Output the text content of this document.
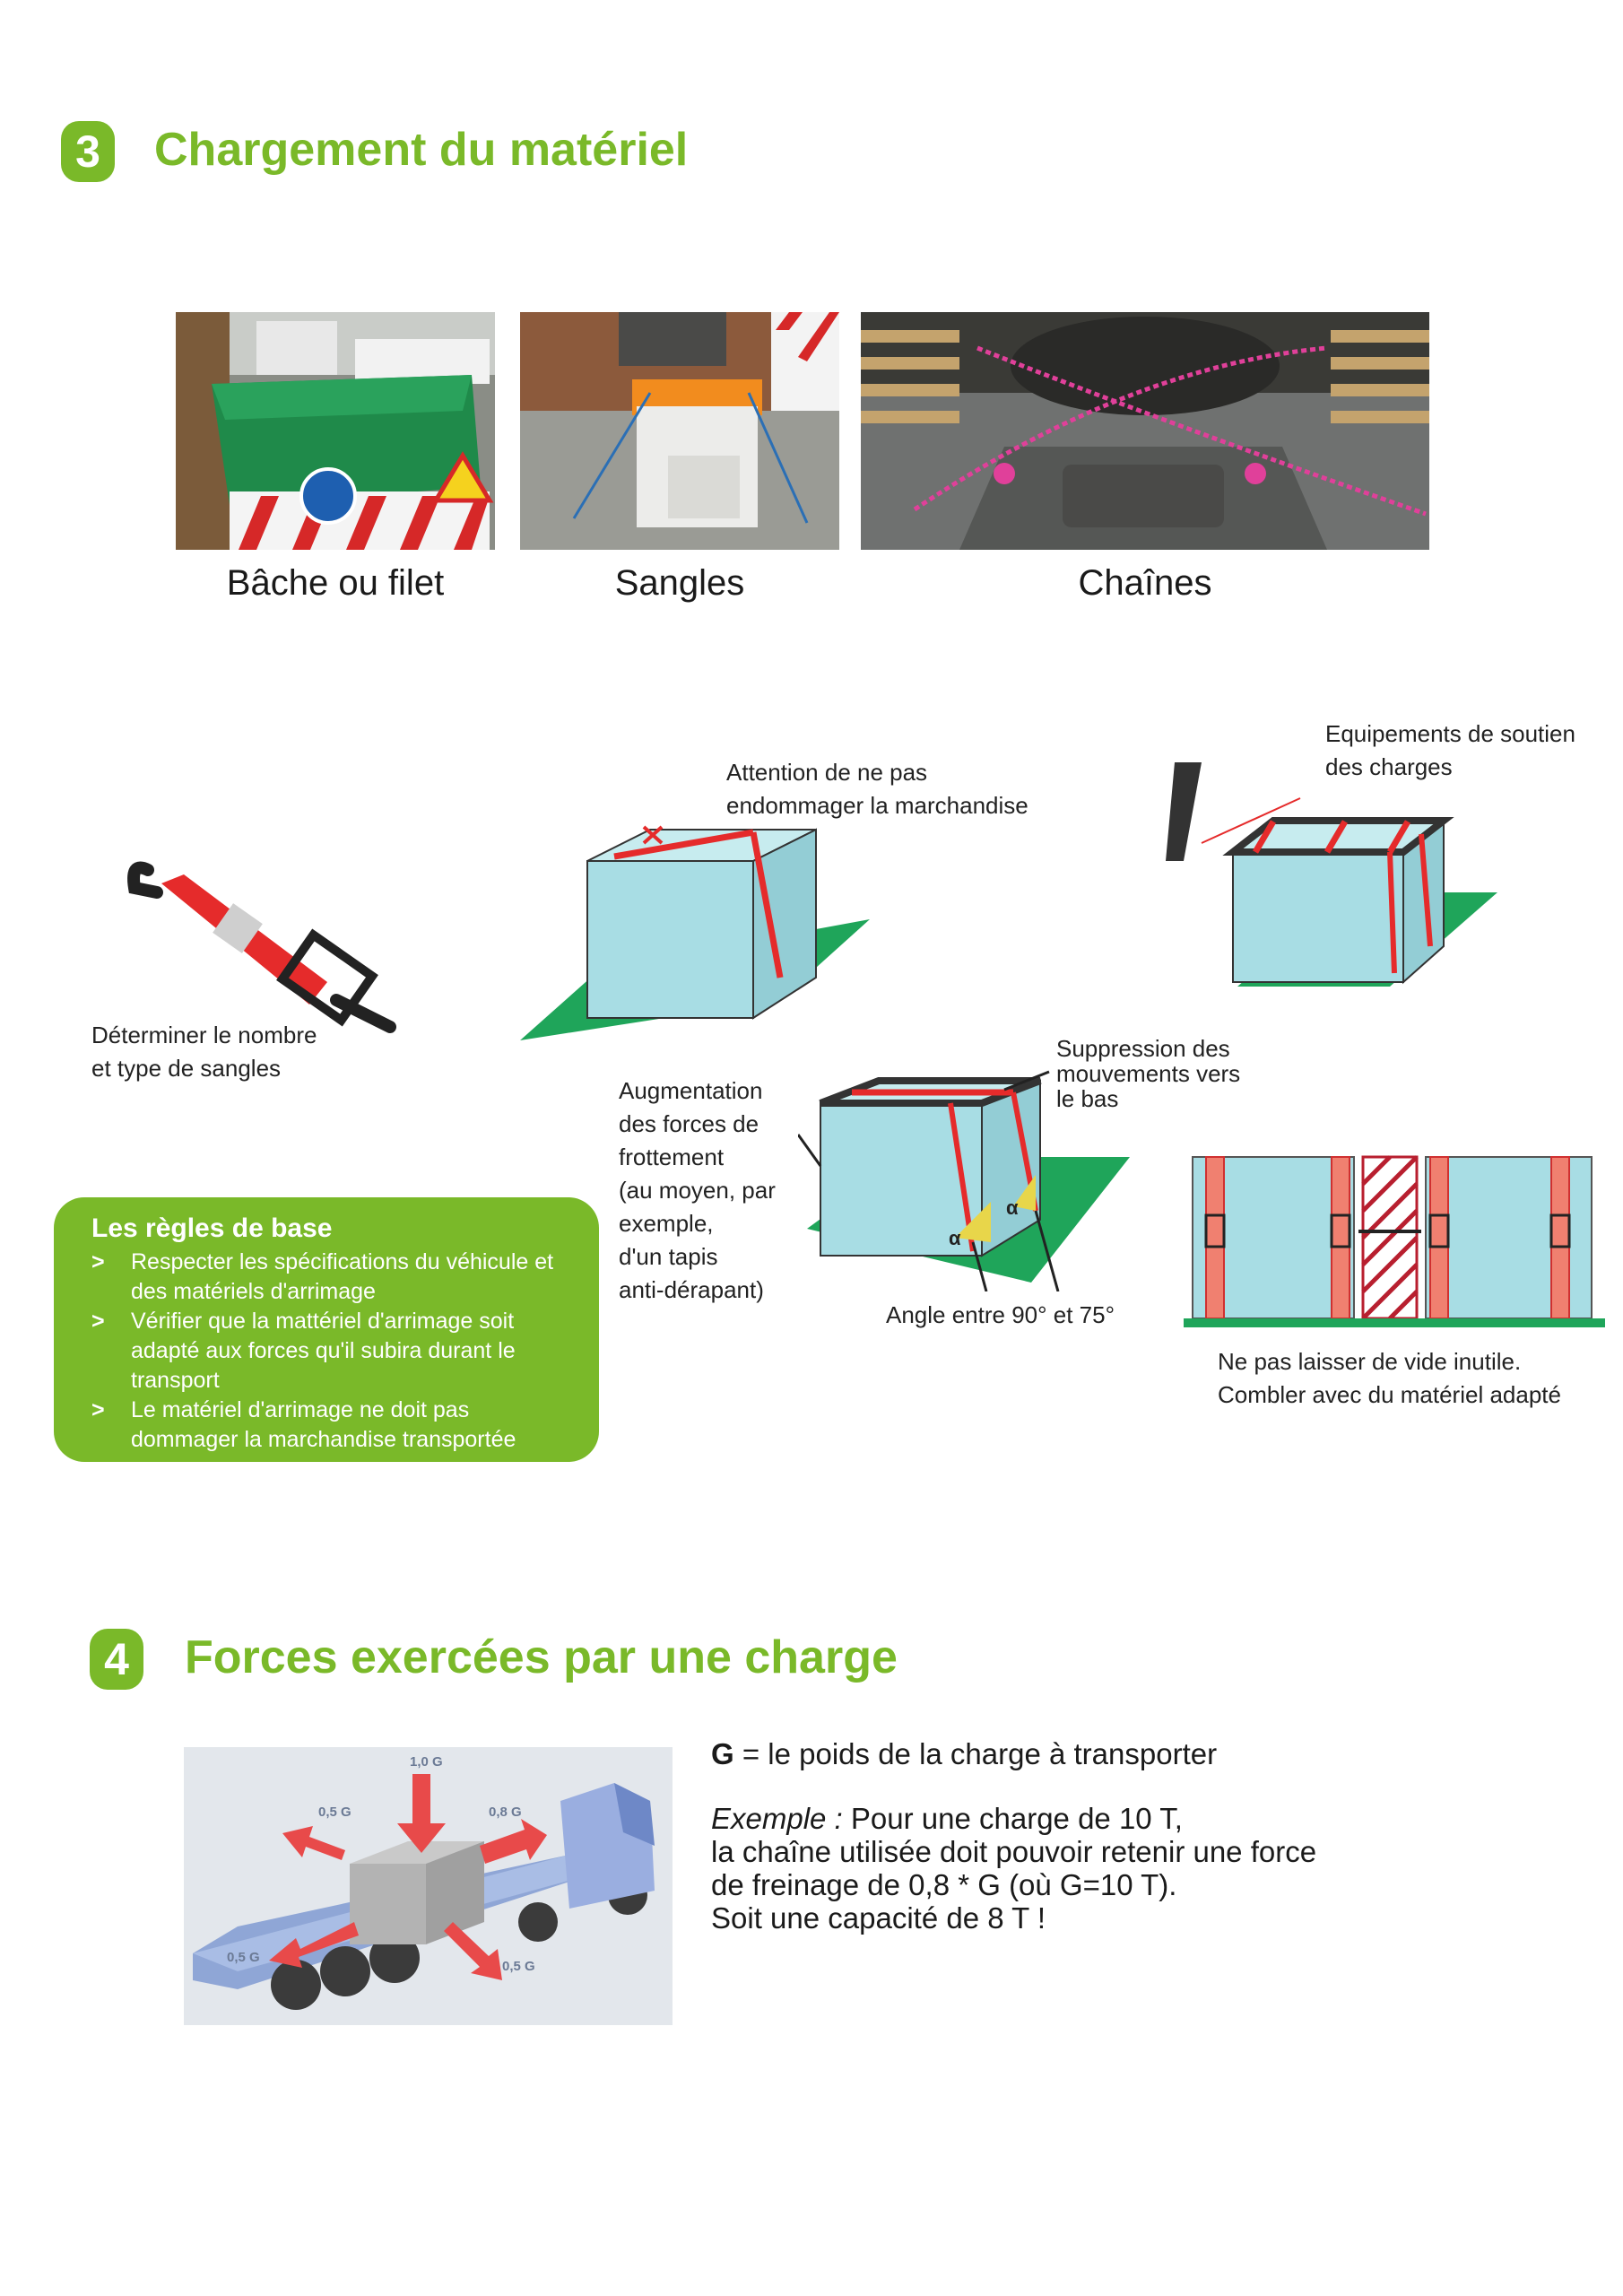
3	Chargement du matériel
Bâche ou filet	Sangles	Chaînes
Déterminer le nombre
et type de sangles
Attention de ne pas
endommager la marchandise
Equipements de soutien
des charges
α
α
Augmentation
des forces de
frottement
(au moyen, par
exemple,
d'un tapis
anti-dérapant)
Suppression des
mouvements vers
le bas
Angle entre 90° et 75°
Ne pas laisser de vide inutile.
Combler avec du matériel adapté
Les règles de base
> Respecter les spécifications du véhicule et des matériels d'arrimage
> Vérifier que la mattériel d'arrimage soit adapté aux forces qu'il subira durant le transport
> Le matériel d'arrimage ne doit pas dommager la marchandise transportée
4	Forces exercées par une charge
1,0 G
0,8 G
0,5 G
0,5 G
0,5 G

G = le poids de la charge à transporter

Exemple : Pour une charge de 10 T,
la chaîne utilisée doit pouvoir retenir une force
de freinage de 0,8 * G (où G=10 T).
Soit une capacité de 8 T !
